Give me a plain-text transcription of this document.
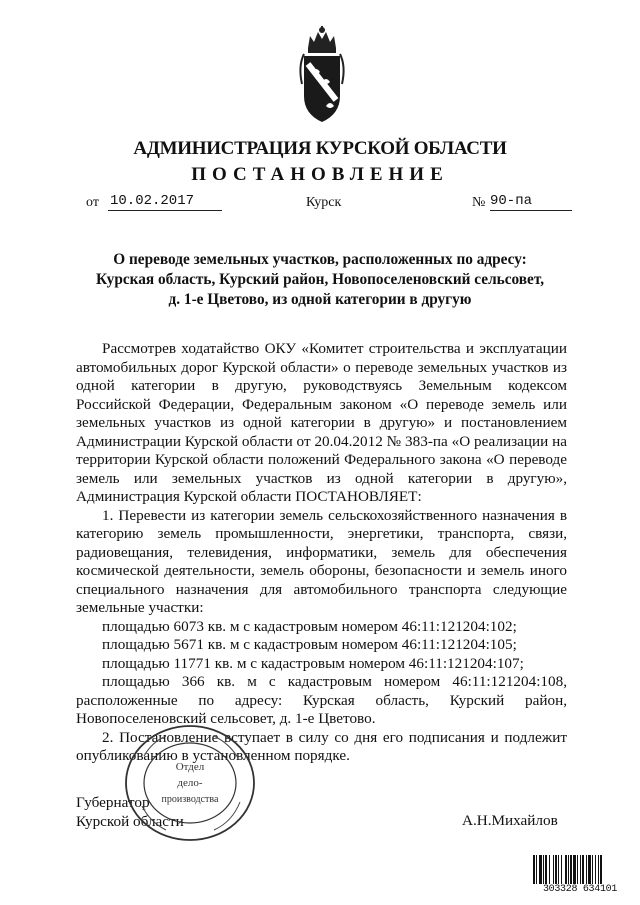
АДМИНИСТРАЦИЯ КУРСКОЙ ОБЛАСТИ
ПОСТАНОВЛЕНИЕ
от 10.02.2017	Курск	№ 90-па
О переводе земельных участков, расположенных по адресу:
Курская область, Курский район, Новопоселеновский сельсовет,
д. 1-е Цветово, из одной категории в другую

Рассмотрев ходатайство ОКУ «Комитет строительства и эксплуатации автомобильных дорог Курской области» о переводе земельных участков из одной категории в другую, руководствуясь Земельным кодексом Российской Федерации, Федеральным законом «О переводе земель или земельных участков из одной категории в другую» и постановлением Администрации Курской области от 20.04.2012 № 383-па «О реализации на территории Курской области положений Федерального закона «О переводе земель или земельных участков из одной категории в другую», Администрация Курской области ПОСТАНОВЛЯЕТ:

1. Перевести из категории земель сельскохозяйственного назначения в категорию земель промышленности, энергетики, транспорта, связи, радиовещания, телевидения, информатики, земель для обеспечения космической деятельности, земель обороны, безопасности и земель иного специального назначения для автомобильного транспорта следующие земельные участки:

площадью 6073 кв. м с кадастровым номером 46:11:121204:102;

площадью 5671 кв. м с кадастровым номером 46:11:121204:105;

площадью 11771 кв. м с кадастровым номером 46:11:121204:107;

площадью 366 кв. м с кадастровым номером 46:11:121204:108, расположенные по адресу: Курская область, Курский район, Новопоселеновский сельсовет, д. 1-е Цветово.

2. Постановление вступает в силу со дня его подписания и подлежит опубликованию в установленном порядке.

Губернатор
Курской области	А.Н.Михайлов
Отдел
дело-
производства
303328 634101
